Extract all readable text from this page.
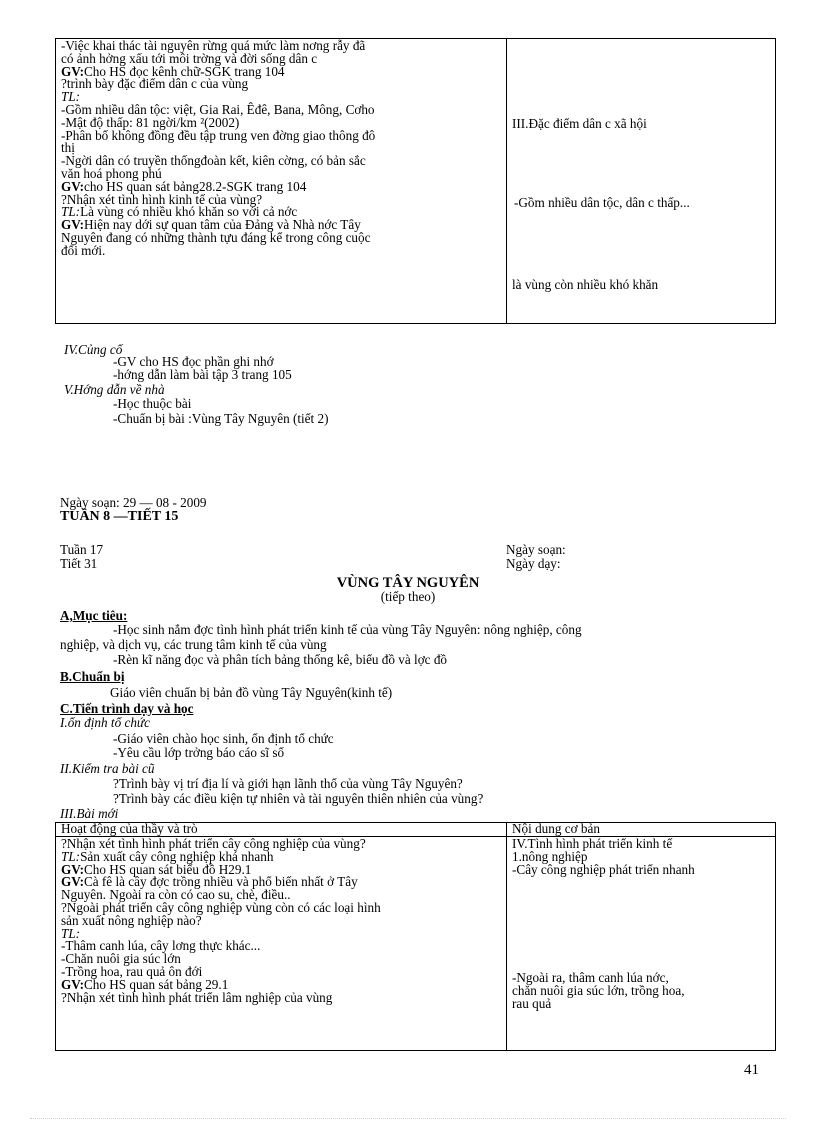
-Việc khai thác tài nguyên rừng quá mức làm nơng rẫy đã
có ảnh hởng xấu tới môi trờng và đời sống dân c
GV:Cho HS đọc kênh chữ-SGK trang 104
?trình bày đặc điểm dân c của vùng
TL:
-Gồm nhiều dân tộc: việt, Gia Rai, Êđê, Bana, Mông, Cơho
-Mật độ thấp: 81 ngời/km ²(2002)
-Phân bố không đồng đều tập trung ven đờng giao thông đô
thị
-Ngời dân có truyền thốngđoàn kết, kiên cờng, có bản sắc
văn hoá phong phú
GV:cho HS quan sát bảng28.2-SGK trang 104
?Nhận xét tình hình kinh tế của vùng?
TL:Là vùng có nhiều khó khăn so với cả nớc
GV:Hiện nay dới sự quan tâm của Đảng và Nhà nớc Tây
Nguyên đang có những thành tựu đáng kể trong công cuộc
đổi mới.
III.Đặc điểm dân c xã hội
-Gồm nhiều dân tộc, dân c thấp...
là vùng còn nhiều khó khăn
IV.Củng cố
-GV cho HS đọc phần ghi nhớ
-hớng dẫn làm bài tập 3 trang 105
V.Hớng dẫn về nhà
-Học thuộc bài
-Chuẩn bị bài :Vùng Tây Nguyên (tiết 2)
Ngày soạn: 29 — 08 - 2009
TUẦN 8 —TIẾT 15
Tuần 17
Tiết 31
Ngày soạn:
Ngày dạy:
VÙNG TÂY NGUYÊN
(tiếp theo)
A,Mục tiêu:
-Học sinh nắm đợc tình hình phát triển kinh tế của vùng Tây Nguyên: nông nghiệp, công
nghiệp, và dịch vụ, các trung tâm kinh tế của vùng
-Rèn kĩ năng đọc và phân tích bảng thống kê, biểu đồ và lợc đồ
B.Chuẩn bị
Giáo viên chuẩn bị bản đồ vùng Tây Nguyên(kinh tế)
C.Tiến trình dạy và học
I.ổn định tổ chức
-Giáo viên chào học sinh, ổn định tổ chức
-Yêu cầu lớp trởng báo cáo sĩ số
II.Kiểm tra bài cũ
?Trình bày vị trí địa lí và giới hạn lãnh thổ của vùng Tây Nguyên?
?Trình bày các điều kiện tự nhiên và tài nguyên thiên nhiên của vùng?
III.Bài mới
Hoạt động của thầy và trò	Nội dung cơ bản
?Nhận xét tình hình phát triển cây công nghiệp của vùng?
TL:Sản xuất cây công nghiệp khá nhanh
GV:Cho HS quan sát biểu đồ H29.1
GV:Cà fê là cây đợc trồng nhiều và phổ biến nhất ở Tây
Nguyên. Ngoài ra còn có cao su, chè, điều..
?Ngoài phát triển cây công nghiệp vùng còn có các loại hình
sản xuất nông nghiệp nào?
TL:
-Thâm canh lúa, cây lơng thực khác...
-Chăn nuôi gia súc lớn
-Trồng hoa, rau quả ôn đới
GV:Cho HS quan sát bảng 29.1
?Nhận xét tình hình phát triển lâm nghiệp của vùng
IV.Tình hình phát triển kinh tế
1.nông nghiệp
-Cây công nghiệp phát triển nhanh
-Ngoài ra, thâm canh lúa nớc,
chăn nuôi gia súc lớn, trồng hoa,
rau quả
41
